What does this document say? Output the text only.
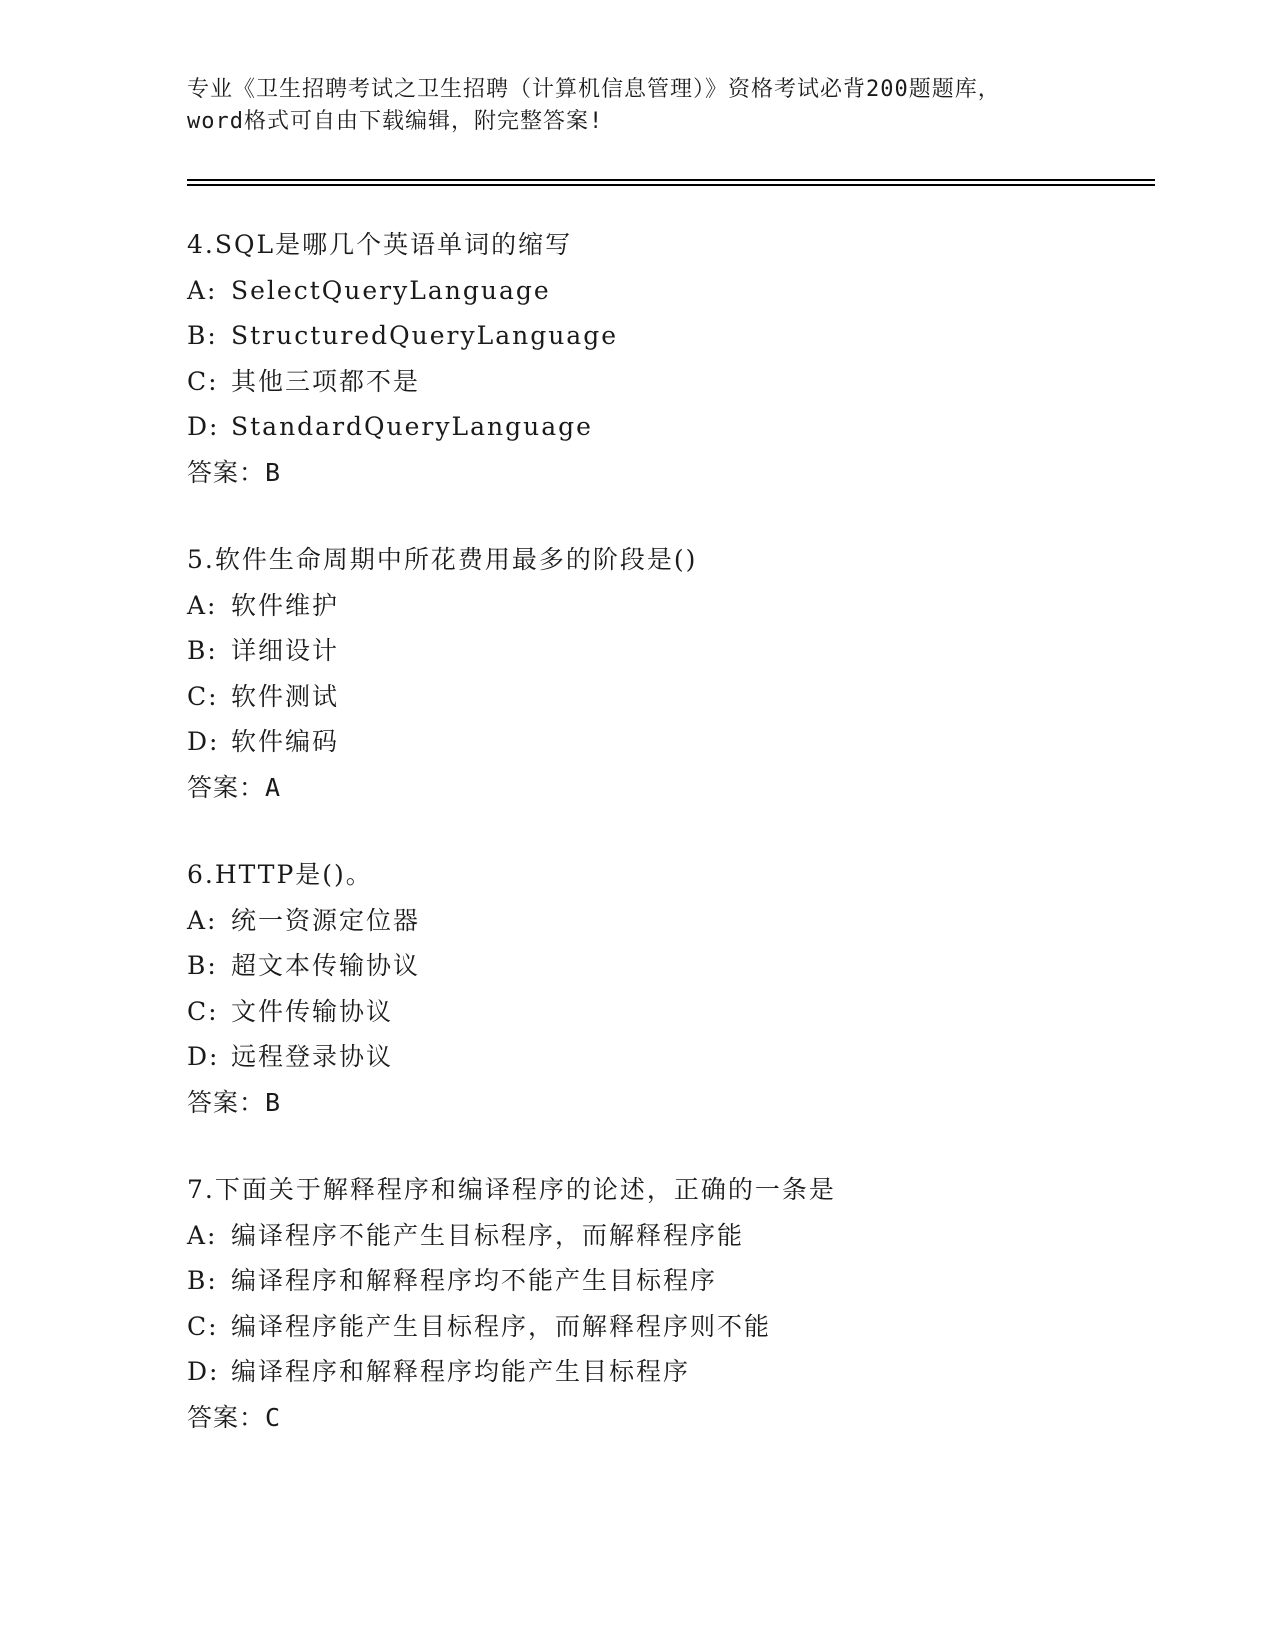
专业《卫生招聘考试之卫生招聘（计算机信息管理）》资格考试必背200题题库，
word格式可自由下载编辑，附完整答案!
4.SQL是哪几个英语单词的缩写
A: SelectQueryLanguage
B: StructuredQueryLanguage
C: 其他三项都不是
D: StandardQueryLanguage
答案：B
5.软件生命周期中所花费用最多的阶段是()
A: 软件维护
B: 详细设计
C: 软件测试
D: 软件编码
答案：A
6.HTTP是()。
A: 统一资源定位器
B: 超文本传输协议
C: 文件传输协议
D: 远程登录协议
答案：B
7.下面关于解释程序和编译程序的论述，正确的一条是
A: 编译程序不能产生目标程序，而解释程序能
B: 编译程序和解释程序均不能产生目标程序
C: 编译程序能产生目标程序，而解释程序则不能
D: 编译程序和解释程序均能产生目标程序
答案：C
